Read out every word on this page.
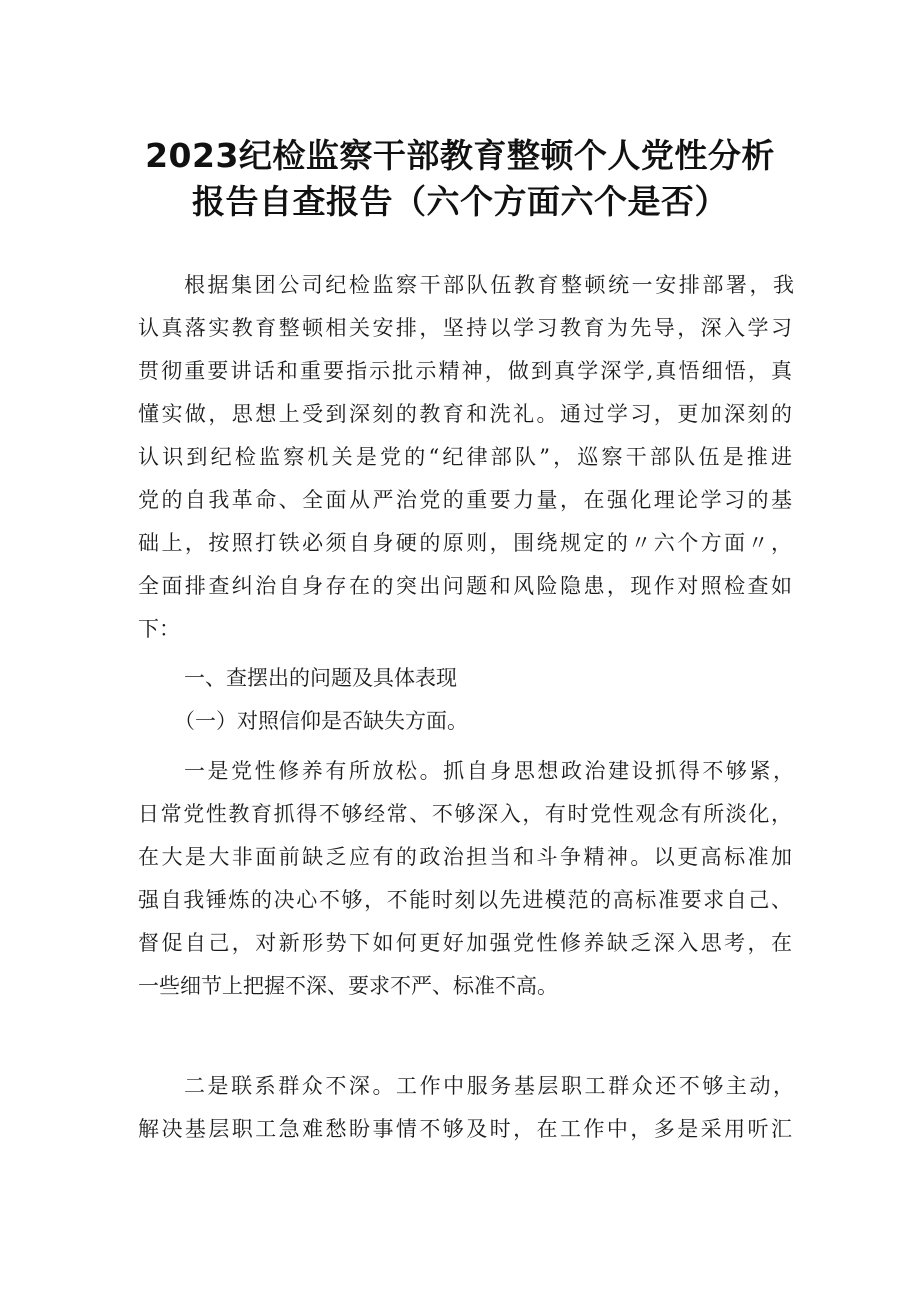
2023纪检监察干部教育整顿个人党性分析
报告自查报告（六个方面六个是否）

根据集团公司纪检监察干部队伍教育整顿统一安排部署，我

认真落实教育整顿相关安排，坚持以学习教育为先导，深入学习

贯彻重要讲话和重要指示批示精神，做到真学深学,真悟细悟，真

懂实做，思想上受到深刻的教育和洗礼。通过学习，更加深刻的

认识到纪检监察机关是党的“纪律部队”，巡察干部队伍是推进

党的自我革命、全面从严治党的重要力量，在强化理论学习的基

础上，按照打铁必须自身硬的原则，围绕规定的〃六个方面〃，

全面排查纠治自身存在的突出问题和风险隐患，现作对照检查如

下：

一、查摆出的问题及具体表现

（一）对照信仰是否缺失方面。

一是党性修养有所放松。抓自身思想政治建设抓得不够紧，

日常党性教育抓得不够经常、不够深入，有时党性观念有所淡化，

在大是大非面前缺乏应有的政治担当和斗争精神。以更高标准加

强自我锤炼的决心不够，不能时刻以先进模范的高标准要求自己、

督促自己，对新形势下如何更好加强党性修养缺乏深入思考，在

一些细节上把握不深、要求不严、标准不高。

二是联系群众不深。工作中服务基层职工群众还不够主动，

解决基层职工急难愁盼事情不够及时，在工作中，多是采用听汇
